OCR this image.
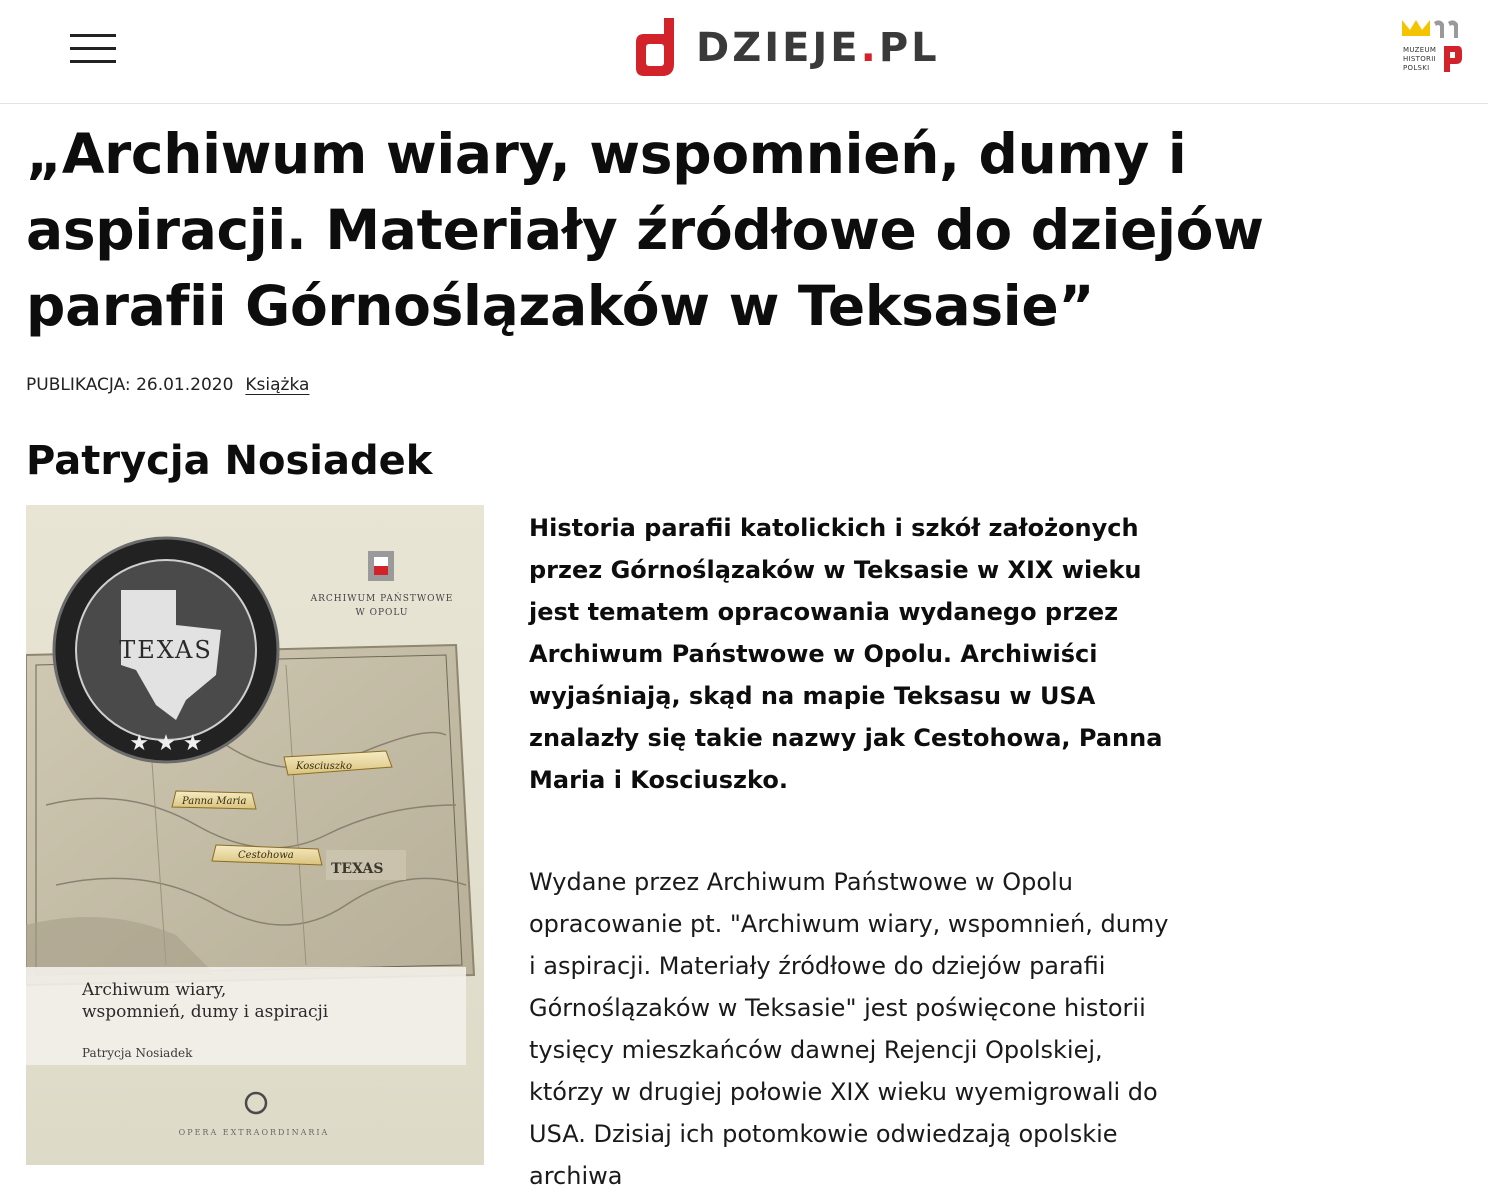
DZIEJE.PL	MUZEUM
HISTORII
POLSKI
„Archiwum wiary, wspomnień, dumy i aspiracji. Materiały źródłowe do dziejów parafii Górnoślązaków w Teksasie”
PUBLIKACJA: 26.01.2020 Książka
Patrycja Nosiadek
TEXAS
TEXAS
★ ★ ★
ARCHIWUM PAŃSTWOWE
W OPOLU
Kosciuszko
Panna Maria
Cestohowa
Archiwum wiary,
wspomnień, dumy i aspiracji
Patrycja Nosiadek
OPERA EXTRAORDINARIA

Historia parafii katolickich i szkół założonych przez Górnoślązaków w Teksasie w XIX wieku jest tematem opracowania wydanego przez Archiwum Państwowe w Opolu. Archiwiści wyjaśniają, skąd na mapie Teksasu w USA znalazły się takie nazwy jak Cestohowa, Panna Maria i Kosciuszko.

Wydane przez Archiwum Państwowe w Opolu opracowanie pt. "Archiwum wiary, wspomnień, dumy i aspiracji. Materiały źródłowe do dziejów parafii Górnoślązaków w Teksasie" jest poświęcone historii tysięcy mieszkańców dawnej Rejencji Opolskiej, którzy w drugiej połowie XIX wieku wyemigrowali do USA. Dzisiaj ich potomkowie odwiedzają opolskie archiwa
